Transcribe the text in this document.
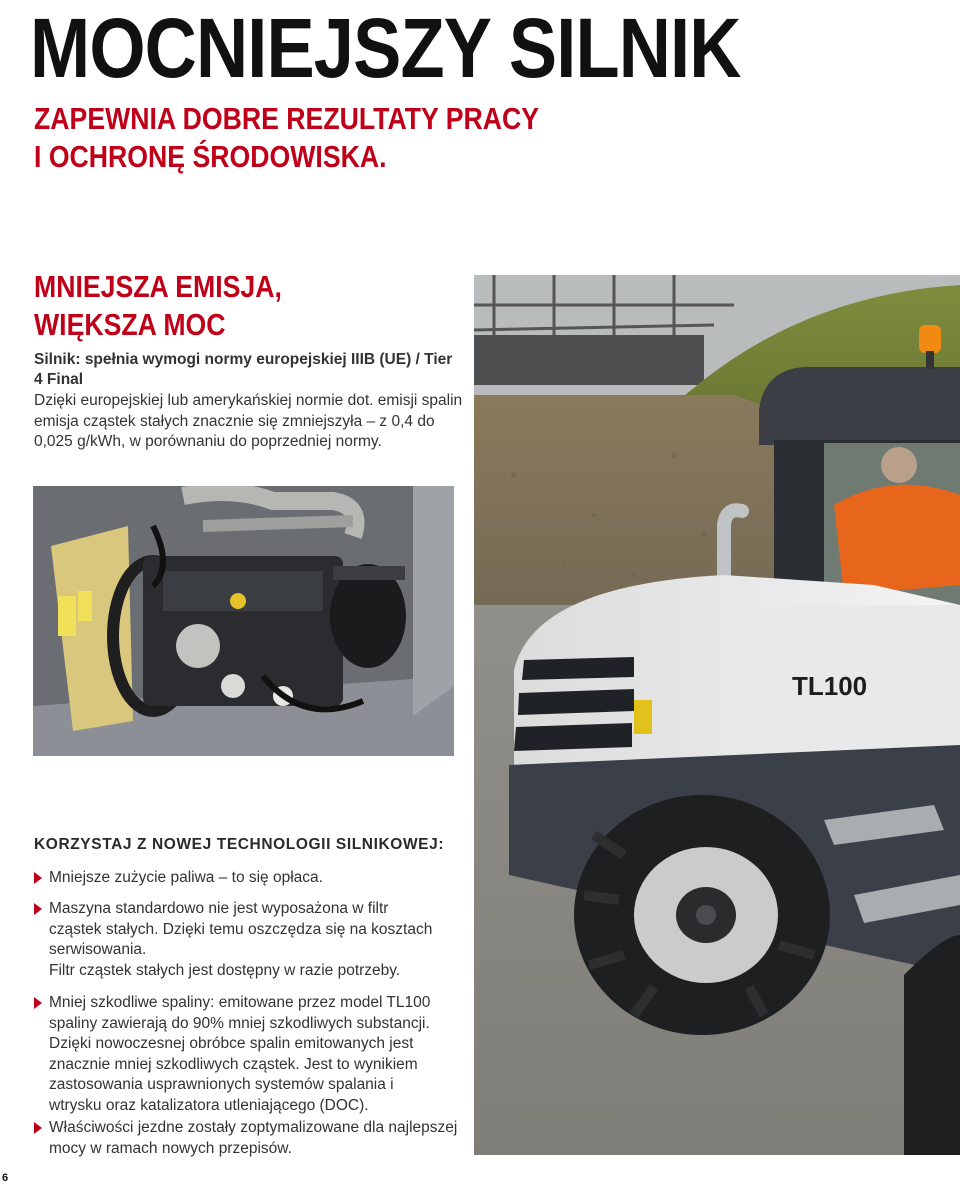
MOCNIEJSZY SILNIK
ZAPEWNIA DOBRE REZULTATY PRACY
I OCHRONĘ ŚRODOWISKA.
MNIEJSZA EMISJA,
WIĘKSZA MOC

Silnik: spełnia wymogi normy europejskiej IIIB (UE) / Tier 4 Final

Dzięki europejskiej lub amerykańskiej normie dot. emisji spalin emisja cząstek stałych znacznie się zmniejszyła – z 0,4 do 0,025 g/kWh, w porównaniu do poprzedniej normy.

TL100
KORZYSTAJ Z NOWEJ TECHNOLOGII SILNIKOWEJ:
Mniejsze zużycie paliwa – to się opłaca.
Maszyna standardowo nie jest wyposażona w filtr
cząstek stałych. Dzięki temu oszczędza się na kosztach
serwisowania.
Filtr cząstek stałych jest dostępny w razie potrzeby.
Mniej szkodliwe spaliny: emitowane przez model TL100
spaliny zawierają do 90% mniej szkodliwych substancji.
Dzięki nowoczesnej obróbce spalin emitowanych jest
znacznie mniej szkodliwych cząstek. Jest to wynikiem
zastosowania usprawnionych systemów spalania i
wtrysku oraz katalizatora utleniającego (DOC).
Właściwości jezdne zostały zoptymalizowane dla najlepszej
mocy w ramach nowych przepisów.
6
